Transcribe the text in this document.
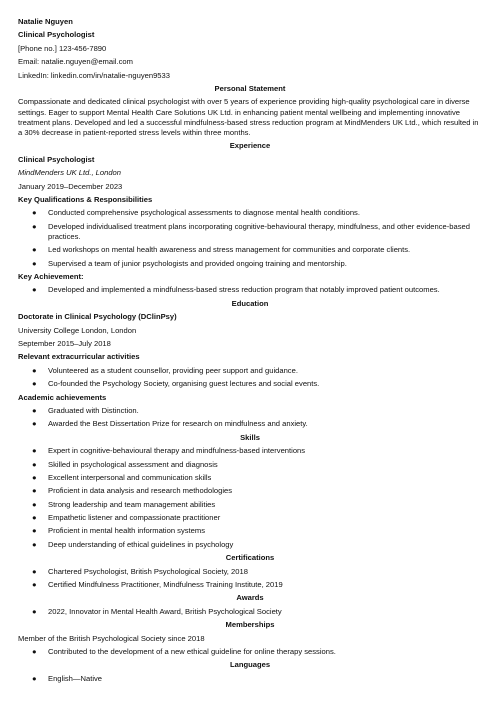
Natalie Nguyen
Clinical Psychologist
[Phone no.] 123-456-7890
Email: natalie.nguyen@email.com
LinkedIn: linkedin.com/in/natalie-nguyen9533
Personal Statement
Compassionate and dedicated clinical psychologist with over 5 years of experience providing high-quality psychological care in diverse settings. Eager to support Mental Health Care Solutions UK Ltd. in enhancing patient mental wellbeing and implementing innovative treatment plans. Developed and led a successful mindfulness-based stress reduction program at MindMenders UK Ltd., which resulted in a 30% decrease in patient-reported stress levels within three months.
Experience
Clinical Psychologist
MindMenders UK Ltd., London
January 2019–December 2023
Key Qualifications & Responsibilities
● Conducted comprehensive psychological assessments to diagnose mental health conditions.
● Developed individualised treatment plans incorporating cognitive-behavioural therapy, mindfulness, and other evidence-based practices.
● Led workshops on mental health awareness and stress management for communities and corporate clients.
● Supervised a team of junior psychologists and provided ongoing training and mentorship.
Key Achievement:
● Developed and implemented a mindfulness-based stress reduction program that notably improved patient outcomes.
Education
Doctorate in Clinical Psychology (DClinPsy)
University College London, London
September 2015–July 2018
Relevant extracurricular activities
● Volunteered as a student counsellor, providing peer support and guidance.
● Co-founded the Psychology Society, organising guest lectures and social events.
Academic achievements
● Graduated with Distinction.
● Awarded the Best Dissertation Prize for research on mindfulness and anxiety.
Skills
● Expert in cognitive-behavioural therapy and mindfulness-based interventions
● Skilled in psychological assessment and diagnosis
● Excellent interpersonal and communication skills
● Proficient in data analysis and research methodologies
● Strong leadership and team management abilities
● Empathetic listener and compassionate practitioner
● Proficient in mental health information systems
● Deep understanding of ethical guidelines in psychology
Certifications
● Chartered Psychologist, British Psychological Society, 2018
● Certified Mindfulness Practitioner, Mindfulness Training Institute, 2019
Awards
● 2022, Innovator in Mental Health Award, British Psychological Society
Memberships
Member of the British Psychological Society since 2018
● Contributed to the development of a new ethical guideline for online therapy sessions.
Languages
● English—Native
